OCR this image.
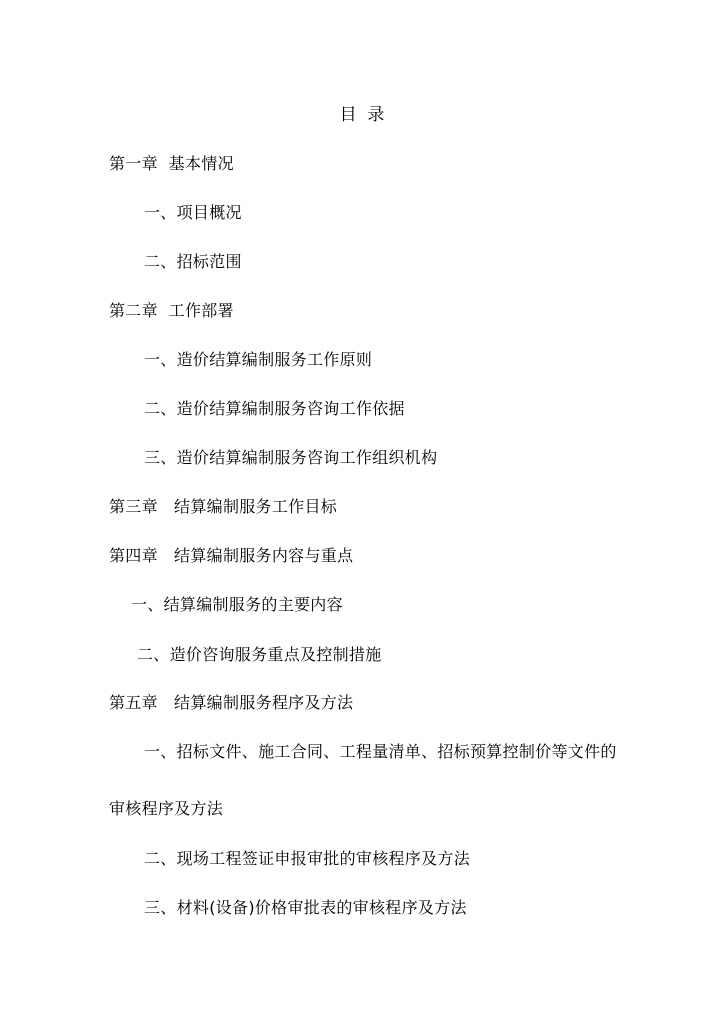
目  录
第一章  基本情况
一、项目概况
二、招标范围
第二章  工作部署
一、造价结算编制服务工作原则
二、造价结算编制服务咨询工作依据
三、造价结算编制服务咨询工作组织机构
第三章   结算编制服务工作目标
第四章   结算编制服务内容与重点
一、结算编制服务的主要内容
二、造价咨询服务重点及控制措施
第五章   结算编制服务程序及方法
一、招标文件、施工合同、工程量清单、招标预算控制价等文件的
审核程序及方法
二、现场工程签证申报审批的审核程序及方法
三、材料(设备)价格审批表的审核程序及方法
